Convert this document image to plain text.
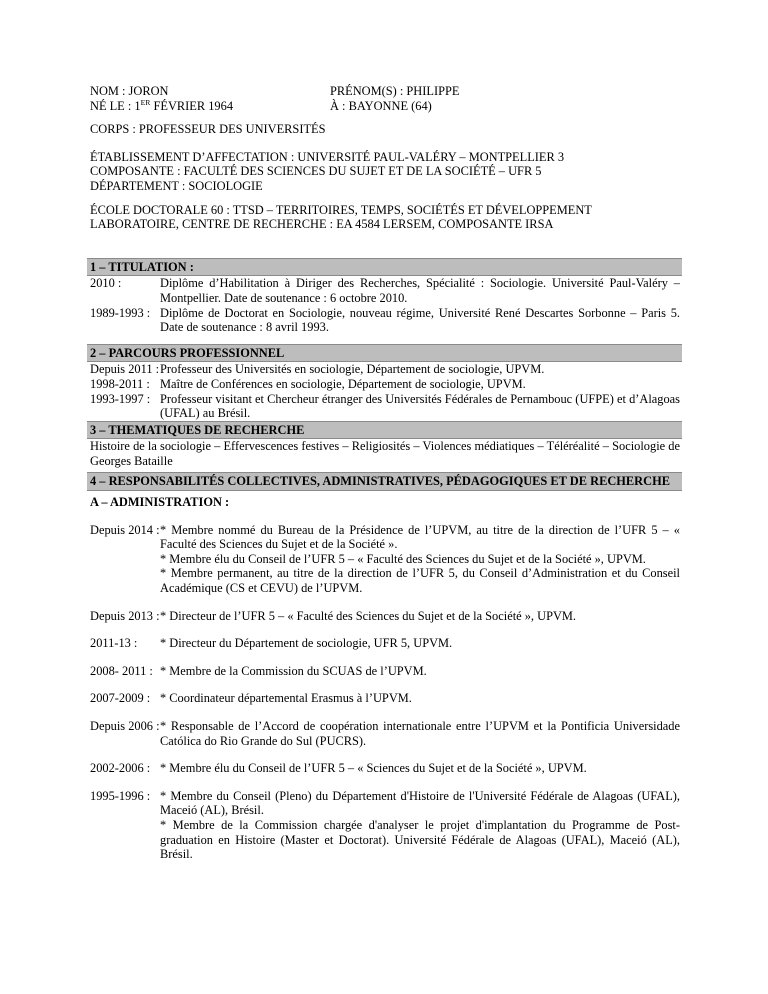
NOM : JORON	PRÉNOM(S) : PHILIPPE

NÉ LE : 1ER FÉVRIER 1964	À : BAYONNE (64)

CORPS : PROFESSEUR DES UNIVERSITÉS

ÉTABLISSEMENT D’AFFECTATION : UNIVERSITÉ PAUL-VALÉRY – MONTPELLIER 3

COMPOSANTE : FACULTÉ DES SCIENCES DU SUJET ET DE LA SOCIÉTÉ – UFR 5

DÉPARTEMENT : SOCIOLOGIE

ÉCOLE DOCTORALE 60 : TTSD – TERRITOIRES, TEMPS, SOCIÉTÉS ET DÉVELOPPEMENT

LABORATOIRE, CENTRE DE RECHERCHE : EA 4584 LERSEM, COMPOSANTE IRSA

1 – TITULATION :
2010 :	Diplôme d’Habilitation à Diriger des Recherches, Spécialité : Sociologie. Université Paul-Valéry – Montpellier. Date de soutenance : 6 octobre 2010.

1989-1993 : Diplôme de Doctorat en Sociologie, nouveau régime, Université René Descartes Sorbonne – Paris 5. Date de soutenance : 8 avril 1993.

2 – PARCOURS PROFESSIONNEL
Depuis 2011 : Professeur des Universités en sociologie, Département de sociologie, UPVM.

1998-2011 : Maître de Conférences en sociologie, Département de sociologie, UPVM.

1993-1997 : Professeur visitant et Chercheur étranger des Universités Fédérales de Pernambouc (UFPE) et d’Alagoas (UFAL) au Brésil.

3 – THEMATIQUES DE RECHERCHE

Histoire de la sociologie – Effervescences festives – Religiosités – Violences médiatiques – Téléréalité – Sociologie de Georges Bataille

4 – RESPONSABILITÉS COLLECTIVES, ADMINISTRATIVES, PÉDAGOGIQUES ET DE RECHERCHE
A – ADMINISTRATION :
Depuis 2014 : * Membre nommé du Bureau de la Présidence de l’UPVM, au titre de la direction de l’UFR 5 – « Faculté des Sciences du Sujet et de la Société ».

* Membre élu du Conseil de l’UFR 5 – « Faculté des Sciences du Sujet et de la Société », UPVM.

* Membre permanent, au titre de la direction de l’UFR 5, du Conseil d’Administration et du Conseil Académique (CS et CEVU) de l’UPVM.

Depuis 2013 : * Directeur de l’UFR 5 – « Faculté des Sciences du Sujet et de la Société », UPVM.

2011-13 :	* Directeur du Département de sociologie, UFR 5, UPVM.

2008- 2011 : * Membre de la Commission du SCUAS de l’UPVM.

2007-2009 : * Coordinateur départemental Erasmus à l’UPVM.

Depuis 2006 : * Responsable de l’Accord de coopération internationale entre l’UPVM et la Pontificia Universidade Católica do Rio Grande do Sul (PUCRS).

2002-2006 : * Membre élu du Conseil de l’UFR 5 – « Sciences du Sujet et de la Société », UPVM.

1995-1996 : * Membre du Conseil (Pleno) du Département d'Histoire de l'Université Fédérale de Alagoas (UFAL), Maceió (AL), Brésil.

* Membre de la Commission chargée d'analyser le projet d'implantation du Programme de Post-graduation en Histoire (Master et Doctorat). Université Fédérale de Alagoas (UFAL), Maceió (AL), Brésil.
